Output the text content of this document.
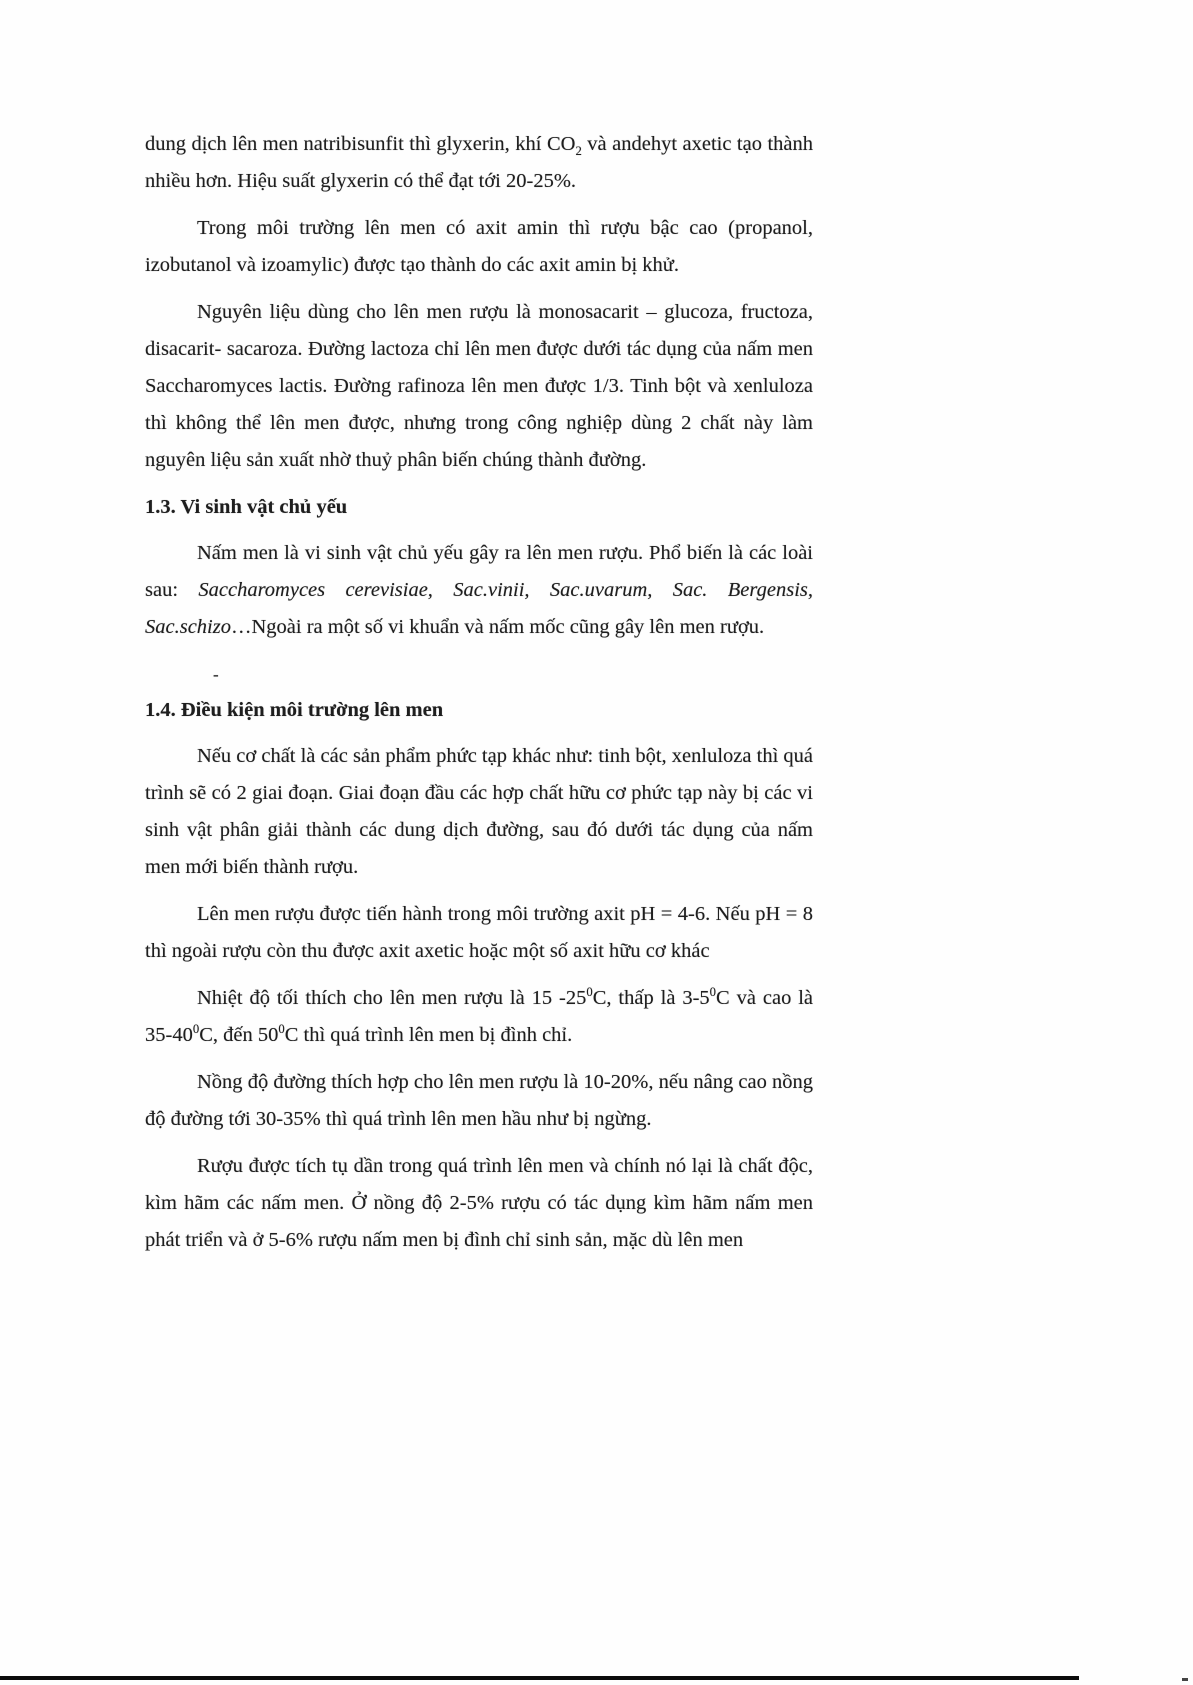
dung dịch lên men natribisunfit thì glyxerin, khí $CO_2$ và andehyt axetic tạo thành nhiều hơn. Hiệu suất glyxerin có thể đạt tới 20-25%.

Trong môi trường lên men có axit amin thì rượu bậc cao (propanol, izobutanol và izoamylic) được tạo thành do các axit amin bị khử.

Nguyên liệu dùng cho lên men rượu là monosacarit – glucoza, fructoza, disacarit- sacaroza. Đường lactoza chỉ lên men được dưới tác dụng của nấm men Saccharomyces lactis. Đường rafinoza lên men được 1/3. Tinh bột và xenluloza thì không thể lên men được, nhưng trong công nghiệp dùng 2 chất này làm nguyên liệu sản xuất nhờ thuỷ phân biến chúng thành đường.

1.3. Vi sinh vật chủ yếu

Nấm men là vi sinh vật chủ yếu gây ra lên men rượu. Phổ biến là các loài sau: Saccharomyces cerevisiae, Sac.vinii, Sac.uvarum, Sac. Bergensis, Sac.schizo…Ngoài ra một số vi khuẩn và nấm mốc cũng gây lên men rượu.

-
1.4. Điều kiện môi trường lên men

Nếu cơ chất là các sản phẩm phức tạp khác như: tinh bột, xenluloza thì quá trình sẽ có 2 giai đoạn. Giai đoạn đầu các hợp chất hữu cơ phức tạp này bị các vi sinh vật phân giải thành các dung dịch đường, sau đó dưới tác dụng của nấm men mới biến thành rượu.

Lên men rượu được tiến hành trong môi trường axit pH = 4-6. Nếu pH = 8 thì ngoài rượu còn thu được axit axetic hoặc một số axit hữu cơ khác

Nhiệt độ tối thích cho lên men rượu là 15 $-25^0C$, thấp là $3-5^0C$ và cao là $35-40^0C$, đến $50^0C$ thì quá trình lên men bị đình chỉ.

Nồng độ đường thích hợp cho lên men rượu là 10-20%, nếu nâng cao nồng độ đường tới 30-35% thì quá trình lên men hầu như bị ngừng.

Rượu được tích tụ dần trong quá trình lên men và chính nó lại là chất độc, kìm hãm các nấm men. Ở nồng độ 2-5% rượu có tác dụng kìm hãm nấm men phát triển và ở 5-6% rượu nấm men bị đình chỉ sinh sản, mặc dù lên men
